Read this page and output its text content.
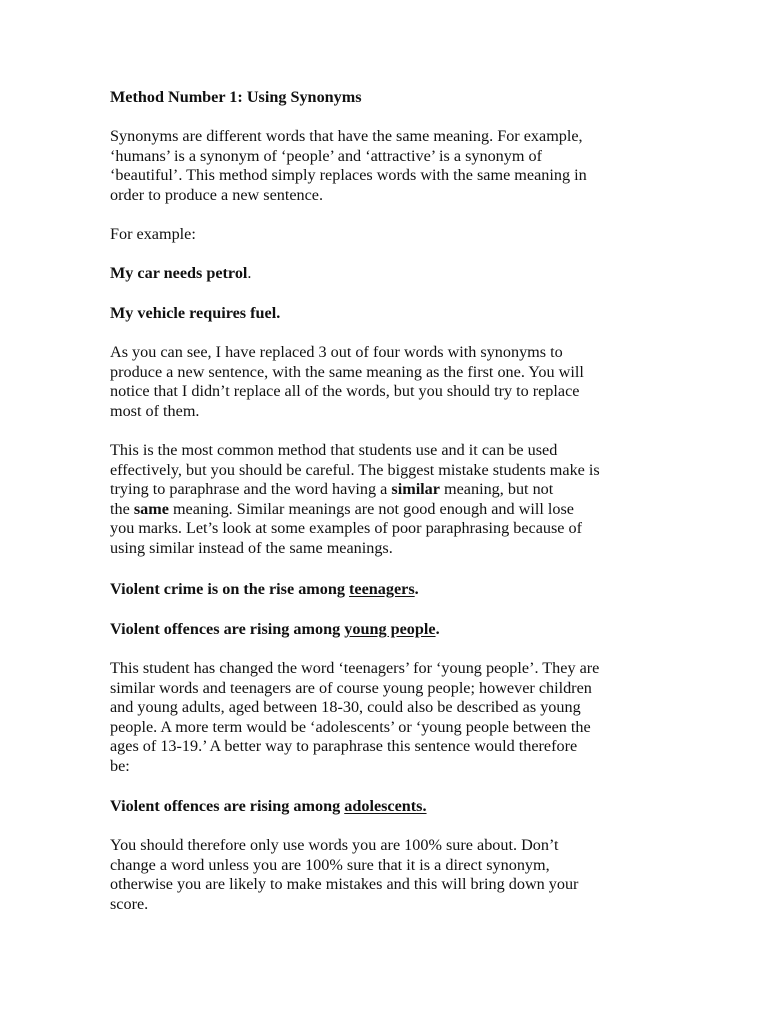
Method Number 1: Using Synonyms
Synonyms are different words that have the same meaning. For example,
‘humans’ is a synonym of ‘people’ and ‘attractive’ is a synonym of
‘beautiful’. This method simply replaces words with the same meaning in
order to produce a new sentence.
For example:
My car needs petrol.
My vehicle requires fuel.
As you can see, I have replaced 3 out of four words with synonyms to
produce a new sentence, with the same meaning as the first one. You will
notice that I didn’t replace all of the words, but you should try to replace
most of them.
This is the most common method that students use and it can be used
effectively, but you should be careful. The biggest mistake students make is
trying to paraphrase and the word having a similar meaning, but not
the same meaning. Similar meanings are not good enough and will lose
you marks. Let’s look at some examples of poor paraphrasing because of
using similar instead of the same meanings.
Violent crime is on the rise among teenagers.
Violent offences are rising among young people.
This student has changed the word ‘teenagers’ for ‘young people’. They are
similar words and teenagers are of course young people; however children
and young adults, aged between 18-30, could also be described as young
people. A more term would be ‘adolescents’ or ‘young people between the
ages of 13-19.’ A better way to paraphrase this sentence would therefore
be:
Violent offences are rising among adolescents.
You should therefore only use words you are 100% sure about. Don’t
change a word unless you are 100% sure that it is a direct synonym,
otherwise you are likely to make mistakes and this will bring down your
score.
